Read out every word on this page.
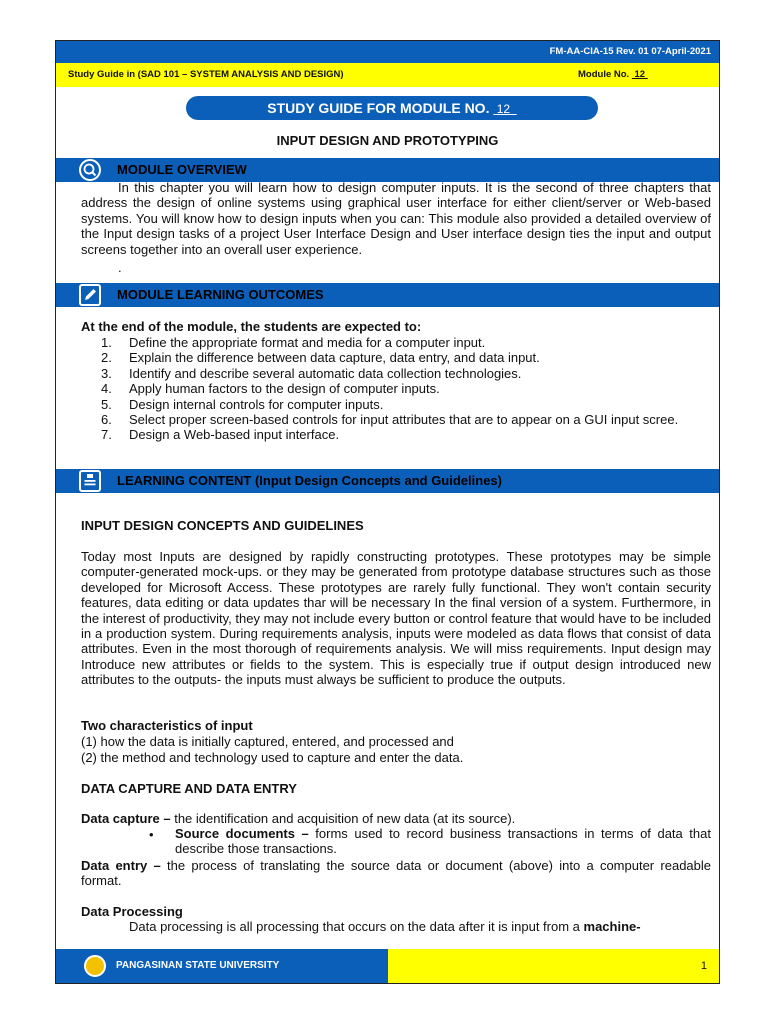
FM-AA-CIA-15 Rev. 01 07-April-2021
Study Guide in (SAD 101 – SYSTEM ANALYSIS AND DESIGN)	Module No. 12
STUDY GUIDE FOR MODULE NO. 12
INPUT DESIGN AND PROTOTYPING
MODULE OVERVIEW
In this chapter you will learn how to design computer inputs. It is the second of three chapters that address the design of online systems using graphical user interface for either client/server or Web-based systems. You will know how to design inputs when you can: This module also provided a detailed overview of the Input design tasks of a project User Interface Design and User interface design ties the input and output screens together into an overall user experience.
.
MODULE LEARNING OUTCOMES
At the end of the module, the students are expected to:
1. Define the appropriate format and media for a computer input.
2. Explain the difference between data capture, data entry, and data input.
3. Identify and describe several automatic data collection technologies.
4. Apply human factors to the design of computer inputs.
5. Design internal controls for computer inputs.
6. Select proper screen-based controls for input attributes that are to appear on a GUI input scree.
7. Design a Web-based input interface.
LEARNING CONTENT (Input Design Concepts and Guidelines)
INPUT DESIGN CONCEPTS AND GUIDELINES
Today most Inputs are designed by rapidly constructing prototypes. These prototypes may be simple computer-generated mock-ups. or they may be generated from prototype database structures such as those developed for Microsoft Access. These prototypes are rarely fully functional. They won't contain security features, data editing or data updates thar will be necessary In the final version of a system. Furthermore, in the interest of productivity, they may not include every button or control feature that would have to be included in a production system. During requirements analysis, inputs were modeled as data flows that consist of data attributes. Even in the most thorough of requirements analysis. We will miss requirements. Input design may Introduce new attributes or fields to the system. This is especially true if output design introduced new attributes to the outputs- the inputs must always be sufficient to produce the outputs.
Two characteristics of input
(1) how the data is initially captured, entered, and processed and
(2) the method and technology used to capture and enter the data.
DATA CAPTURE AND DATA ENTRY
Data capture – the identification and acquisition of new data (at its source).
• Source documents – forms used to record business transactions in terms of data that describe those transactions.
Data entry – the process of translating the source data or document (above) into a computer readable format.
Data Processing
Data processing is all processing that occurs on the data after it is input from a machine-
PANGASINAN STATE UNIVERSITY	1
